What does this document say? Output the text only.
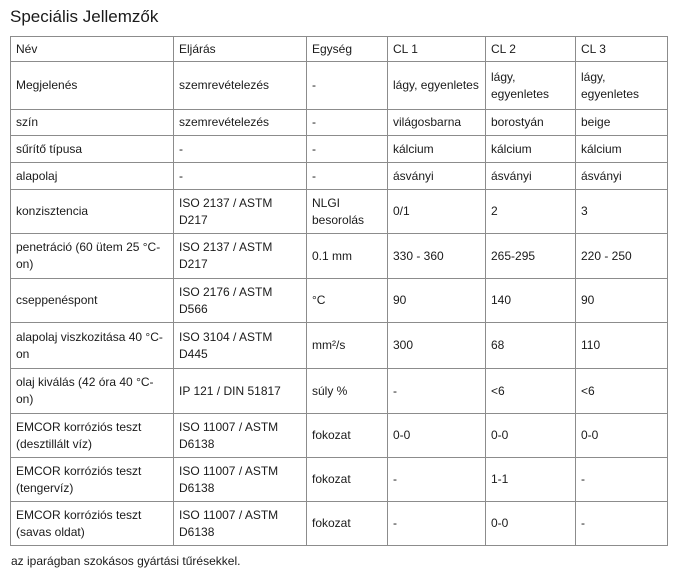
Speciális Jellemzők
Név	Eljárás	Egység	CL 1	CL 2	CL 3
Megjelenés	szemrevételezés	-	lágy, egyenletes	lágy, egyenletes	lágy, egyenletes
szín	szemrevételezés	-	világosbarna	borostyán	beige
sűrítő típusa	-	-	kálcium	kálcium	kálcium
alapolaj	-	-	ásványi	ásványi	ásványi
konzisztencia	ISO 2137 / ASTM D217	NLGI besorolás	0/1	2	3
penetráció (60 ütem 25 °C-on)	ISO 2137 / ASTM D217	0.1 mm	330 - 360	265-295	220 - 250
cseppenéspont	ISO 2176 / ASTM D566	°C	90	140	90
alapolaj viszkozitása 40 °C-on	ISO 3104 / ASTM D445	mm²/s	300	68	110
olaj kiválás (42 óra 40 °C-on)	IP 121 / DIN 51817	súly %	-	<6	<6
EMCOR korróziós teszt (desztillált víz)	ISO 11007 / ASTM D6138	fokozat	0-0	0-0	0-0
EMCOR korróziós teszt (tengervíz)	ISO 11007 / ASTM D6138	fokozat	-	1-1	-
EMCOR korróziós teszt (savas oldat)	ISO 11007 / ASTM D6138	fokozat	-	0-0	-
az iparágban szokásos gyártási tűrésekkel.
